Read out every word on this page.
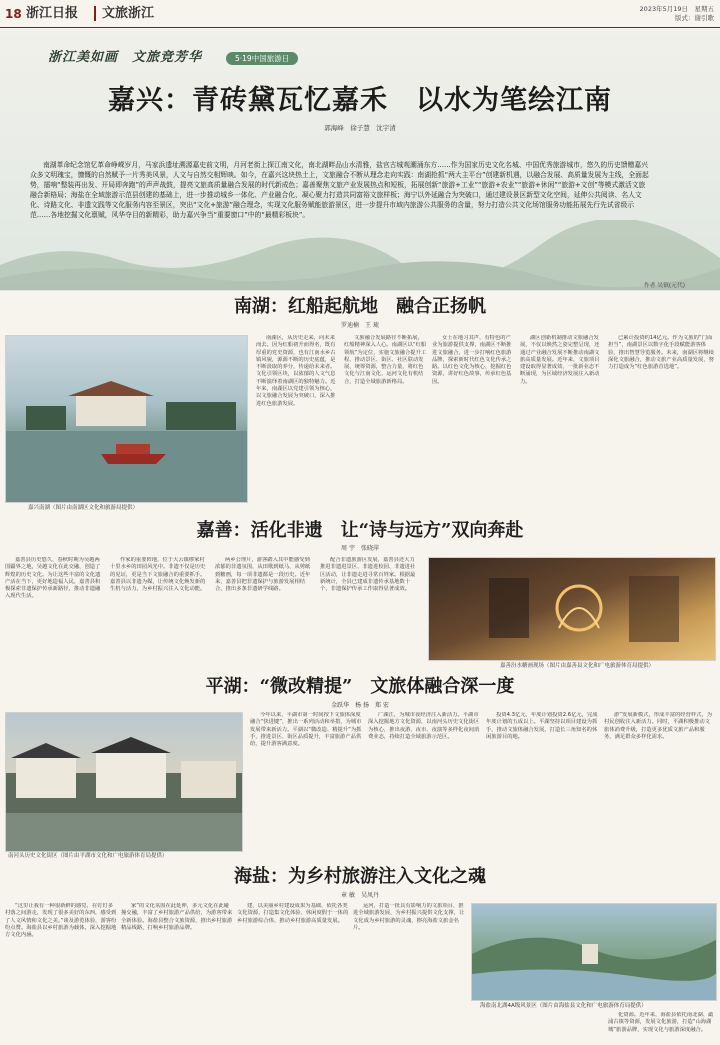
18 浙江日报	文旅浙江	2023年5月19日　星期五
版式：谢引歌
浙江美如画　文旅竞芳华	5·19中国旅游日
嘉兴：青砖黛瓦忆嘉禾　以水为笔绘江南
郭海峰　徐子慧　沈宇清
南湖革命纪念馆忆革命峥嵘岁月，马家浜遗址溯源嘉史前文明，月河老街上探江南文化，南北湖畔品山水清雅，盐官古城观潮涌东方……作为国家历史文化名城、中国优秀旅游城市，悠久的历史馈赠嘉兴众多文明瑰宝，慷慨的自然赋予一片秀美风景，人文与自然交相辉映。如今，在嘉兴这块热土上，文旅融合不断从理念走向实践：南湖抢抓“两大主平台”创建新机遇，以融合发展、高质量发展为主线，全面起势，擂响“整装再出发、开局即奔跑”的声声战鼓，提亮文旅高质量融合发展的时代新成色；嘉善聚焦文旅产业发展热点和短板，拓展创新“旅游+工业”“旅游+农业”“旅游+休闲”“旅游+文创”等模式激活文旅融合新格局；海盐在全域旅游示范县创建的基础上，进一步推动城乡一体化、产业融合化、凝心聚力打造共同富裕文旅样板；海宁以外延融合为突破口，通过建设景区新型文化空间，延伸公共阅读、名人文化、诗路文化、非遗文践等文化服务内容至景区，突出“文化+旅游”融合理念，实现文化服务赋能旅游景区，进一步提升市域内旅游公共服务的含量，努力打造公共文化场馆服务功能拓展先行先试省级示范……各地挖掘文化禀赋，风华夺目的新精彩，助力嘉兴争当“重要窗口”中的“最精彩板块”。
作者 吴镇(元代)
南湖：红船起航地　融合正扬帆
罗迪楠　王 琉
嘉兴南湖（图片由南湖区文化和旅游局提供）
南湖区，从历史走来，向未来而去。因为红船初升而得名，既有厚重的党史资源，也有江南水乡古镇风貌，源源不断的历史底蕴，是不断汲取的养分，传递给未来者。文化引领区块，以浓郁的人文气息不断演绎着南湖区的独特魅力。近年来，南湖区以党建引领为核心，以文旅融合发展为突破口，深入推进红色旅游发展。
文旅融合发展路径不断拓展，红船精神深入人心。南湖区以“红船领航”为定位，实施文旅融合提升工程，推动景区、街区、社区联动发展，统筹资源，整合力量，将红色文化与江南文化、运河文化有机结合，打造全域旅游新格局。
女士在地习其声，有特色的产业为旅游提供支撑，南湖区不断推进文旅融合，进一步打响红色旅游品牌，探索新时代红色文化传承之路。以红色文化为核心，挖掘红色资源，讲好红色故事，传承红色基因。
湖区创新机制推动文旅融合发展，不仅以焕然之姿完整呈现，还通过产业融合发展不断推动南湖文旅高质量发展。近年来，文旅项目建设取得显著成效，一批新业态不断涌现，为区域经济发展注入新动力。
已累计投资约14亿元。作为文旅的“门面担当”，南湖景区以数字化手段赋能游客体验，推出智慧导览服务。未来，南湖区将继续深化文旅融合，推动文旅产业高质量发展，努力打造成为“红色旅游首选地”。
嘉善：活化非遗　让“诗与远方”双向奔赴
周 宇　张晓萍
嘉善县历史悠久，春秋时期为吴越两国疆界之地，吴越文化在此交融，创造了辉煌的历史文化。为让这些丰富的文化遗产活在当下，更好地造福人民，嘉善县积极探索非遗保护传承新路径，推动非遗融入现代生活。
作家的重要阵地，位于大云镇缪家村十里水乡的田园风光中。非遗不仅是历史的见证，更是当下文旅融合的重要抓手。嘉善县以非遗为媒，让传统文化焕发新的生机与活力，为乡村振兴注入文化动能。
两乡公理片，游客踏入其中能感受到浓郁的非遗氛围，从田歌到纸马、从剪纸到糖画，每一项非遗都是一段历史。近年来，嘉善县把非遗保护与旅游发展相结合，推出多条非遗研学线路。
配合非遗旅游区发展，嘉善县还大力推进非遗进景区、非遗进校园、非遗进社区活动，让非遗走进寻常百姓家。根据最新统计，全县已建成非遗传承基地数十个，非遗保护传承工作取得显著成效。
嘉善汾水糖画现场（图片由嘉善县文化和广电旅游体育局提供）
平湖：“微改精提”　文旅体融合深一度
金跃华　杨 扬　郑 宏
南河头历史文化街区（图片由平湖市文化和广电旅游体育局提供）
今年以来，平湖市第一时间按下文旅体深度融合“快进键”，推出一系列活动和举措，为城市发展带来新活力。平湖以“微改造、精提升”为抓手，推进景区、街区品质提升，丰富旅游产品供给，提升游客满意度。
广湖江，为城市夜经济注入新活力。平湖市深入挖掘地方文化资源，以南河头历史文化街区为核心，推出夜游、夜市、夜演等多样化夜间消费业态，持续打造全域旅游示范区。
投资4.3亿元，年度计划投资2.6亿元，完成年度计划的五成以上。平湖坚持以项目建设为抓手，推动文旅体融合发展，打造长三角知名的休闲旅游目的地。
游“发展新模式，形成丰富的经营样式，为村民创收注入新活力。同时，平湖积极推动文旅体消费升级，打造更多优质文旅产品和服务，满足群众多样化需求。
海盐：为乡村旅游注入文化之魂
章 敏　吴凤丹
“这里让我有一种很新鲜的感觉，在钉钉多村落之间游走，发现了很多美好的东西，感受到了人文风情和文化之美。”谈及游览体验，游客纷纷点赞。海盐县以乡村旅游为载体，深入挖掘地方文化内涵。
家”的文化氛围在此延伸，多元文化在此碰撞交融，丰富了乡村旅游产品供给，为游客带来全新体验。海盐县整合文旅资源，推出乡村旅游精品线路，打响乡村旅游品牌。
建，以美丽乡村建设成果为基础，依托各类文化资源，打造集文化体验、休闲度假于一体的乡村旅游综合体，推动乡村旅游高质量发展。
运河，打造一批具有影响力的文旅项目，推进全域旅游发展，为乡村振兴提供文化支撑，让文化成为乡村旅游的灵魂，擦亮海盐文旅金名片。
海盐南北湖4A级风景区（图片由海盐县文化和广电旅游体育局提供）
化资源。近年来，海盐县依托南北湖、澉浦古镇等资源，发展文化旅游，打造“山海湖城”旅游品牌，实现文化与旅游深度融合。
